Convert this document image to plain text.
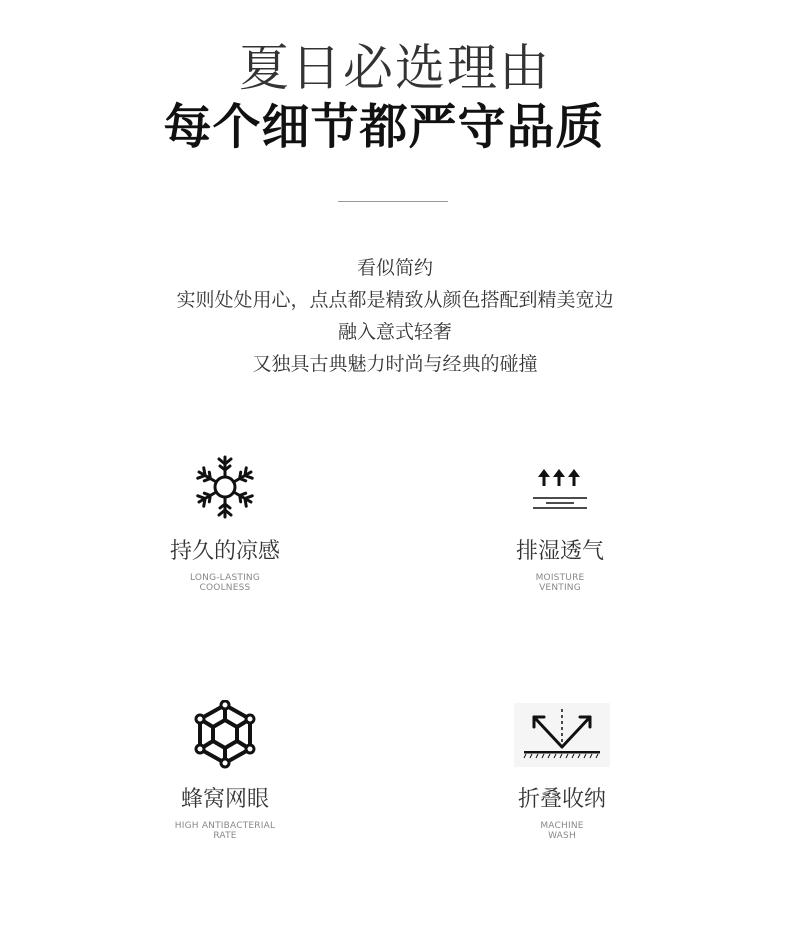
夏日必选理由
每个细节都严守品质
看似简约
实则处处用心，点点都是精致从颜色搭配到精美宽边
融入意式轻奢
又独具古典魅力时尚与经典的碰撞
持久的凉感
LONG-LASTING
COOLNESS
排湿透气
MOISTURE
VENTING
蜂窝网眼
HIGH ANTIBACTERIAL
RATE
折叠收纳
MACHINE
WASH
